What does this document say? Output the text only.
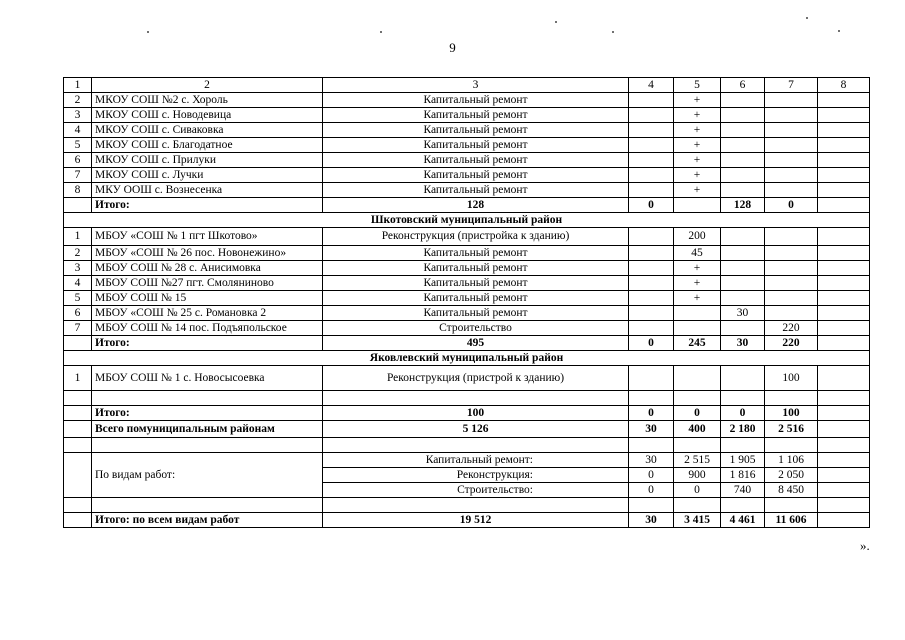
9
1	2	3	4	5	6	7	8
2	МКОУ СОШ №2 с. Хороль	Капитальный ремонт		+			
3	МКОУ СОШ с. Новодевица	Капитальный ремонт		+			
4	МКОУ СОШ с. Сиваковка	Капитальный ремонт		+			
5	МКОУ СОШ с. Благодатное	Капитальный ремонт		+			
6	МКОУ СОШ с. Прилуки	Капитальный ремонт		+			
7	МКОУ СОШ с. Лучки	Капитальный ремонт		+			
8	МКУ ООШ с. Вознесенка	Капитальный ремонт		+			
	Итого:	128	0		128	0	
Шкотовский муниципальный район							
1	МБОУ «СОШ № 1 пгт Шкотово»	Реконструкция (пристройка к зданию)		200			
2	МБОУ «СОШ № 26 пос. Новонежино»	Капитальный ремонт		45			
3	МБОУ СОШ № 28 с. Анисимовка	Капитальный ремонт		+			
4	МБОУ СОШ №27 пгт. Смоляниново	Капитальный ремонт		+			
5	МБОУ СОШ № 15	Капитальный ремонт		+			
6	МБОУ «СОШ № 25 с. Романовка 2	Капитальный ремонт			30		
7	МБОУ СОШ № 14 пос. Подъяпольское	Строительство				220	
	Итого:	495	0	245	30	220	
Яковлевский муниципальный район							
1	МБОУ СОШ № 1 с. Новосысоевка	Реконструкция (пристрой к зданию)				100	

	Итого:	100	0	0	0	100	
	Всего помуниципальным районам	5 126	30	400	2 180	2 516	

	По видам работ:	Капитальный ремонт:	30	2 515	1 905	1 106	
		Реконструкция:	0	900	1 816	2 050	
		Строительство:	0	0	740	8 450	

	Итого: по всем видам работ	19 512	30	3 415	4 461	11 606	
».
